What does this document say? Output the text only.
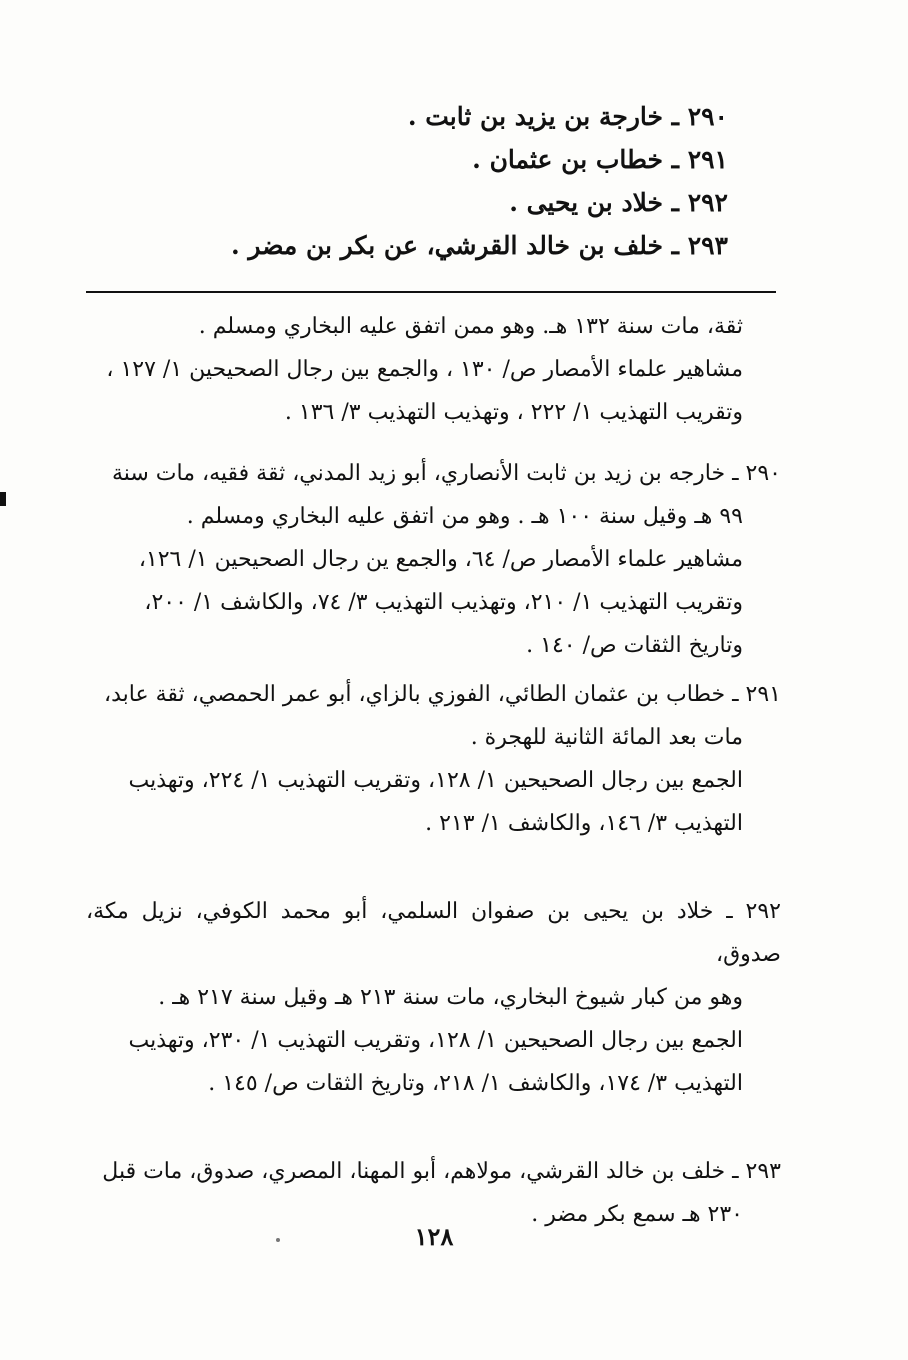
٢٩٠ ـ خارجة بن يزيد بن ثابت .
٢٩١ ـ خطاب بن عثمان .
٢٩٢ ـ خلاد بن يحيى .
٢٩٣ ـ خلف بن خالد القرشي، عن بكر بن مضر .

ثقة، مات سنة ١٣٢ هـ. وهو ممن اتفق عليه البخاري ومسلم .

مشاهير علماء الأمصار ص/ ١٣٠ ، والجمع بين رجال الصحيحين ١/ ١٢٧ ،

وتقريب التهذيب ١/ ٢٢٢ ، وتهذيب التهذيب ٣/ ١٣٦ .

٢٩٠ ـ خارجه بن زيد بن ثابت الأنصاري، أبو زيد المدني، ثقة فقيه، مات سنة

٩٩ هـ وقيل سنة ١٠٠ هـ . وهو من اتفق عليه البخاري ومسلم .

مشاهير علماء الأمصار ص/ ٦٤، والجمع ين رجال الصحيحين ١/ ١٢٦،

وتقريب التهذيب ١/ ٢١٠، وتهذيب التهذيب ٣/ ٧٤، والكاشف ١/ ٢٠٠،

وتاريخ الثقات ص/ ١٤٠ .

٢٩١ ـ خطاب بن عثمان الطائي، الفوزي بالزاي، أبو عمر الحمصي، ثقة عابد،

مات بعد المائة الثانية للهجرة .

الجمع بين رجال الصحيحين ١/ ١٢٨، وتقريب التهذيب ١/ ٢٢٤، وتهذيب

التهذيب ٣/ ١٤٦، والكاشف ١/ ٢١٣ .

٢٩٢ ـ خلاد بن يحيى بن صفوان السلمي، أبو محمد الكوفي، نزيل مكة، صدوق،

وهو من كبار شيوخ البخاري، مات سنة ٢١٣ هـ وقيل سنة ٢١٧ هـ .

الجمع بين رجال الصحيحين ١/ ١٢٨، وتقريب التهذيب ١/ ٢٣٠، وتهذيب

التهذيب ٣/ ١٧٤، والكاشف ١/ ٢١٨، وتاريخ الثقات ص/ ١٤٥ .

٢٩٣ ـ خلف بن خالد القرشي، مولاهم، أبو المهنا، المصري، صدوق، مات قبل

٢٣٠ هـ سمع بكر مضر .

١٢٨
